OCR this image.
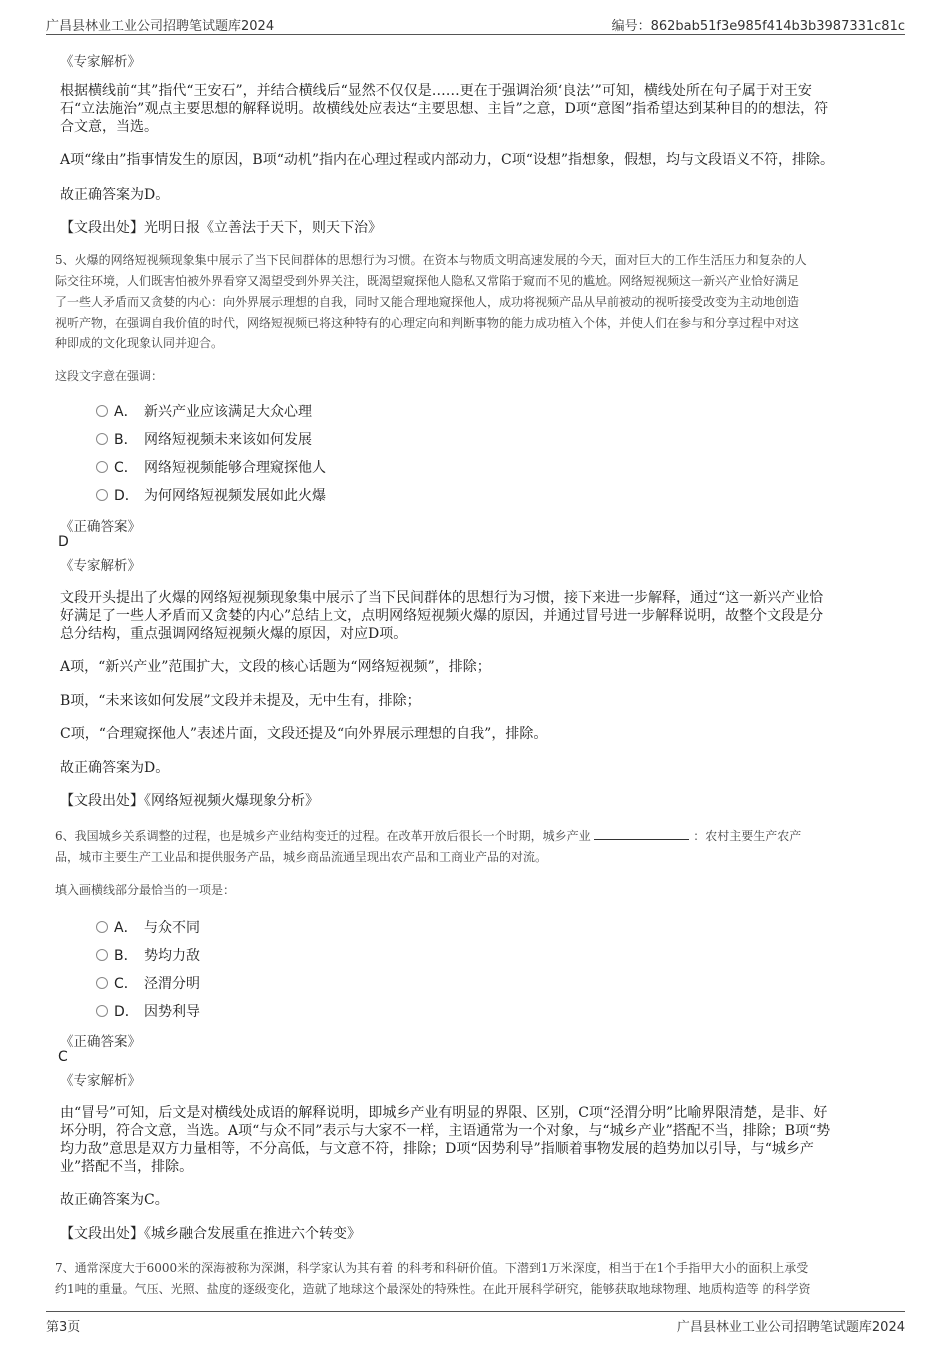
广昌县林业工业公司招聘笔试题库2024	编号：862bab51f3e985f414b3b3987331c81c
《专家解析》
根据横线前“其”指代“王安石”，并结合横线后“显然不仅仅是……更在于强调治须‘良法’”可知，横线处所在句子属于对王安
石“立法施治”观点主要思想的解释说明。故横线处应表达“主要思想、主旨”之意，D项“意图”指希望达到某种目的的想法，符
合文意，当选。
A项“缘由”指事情发生的原因，B项“动机”指内在心理过程或内部动力，C项“设想”指想象，假想，均与文段语义不符，排除。
故正确答案为D。
【文段出处】光明日报《立善法于天下，则天下治》
5、火爆的网络短视频现象集中展示了当下民间群体的思想行为习惯。在资本与物质文明高速发展的今天，面对巨大的工作生活压力和复杂的人
际交往环境，人们既害怕被外界看穿又渴望受到外界关注，既渴望窥探他人隐私又常陷于窥而不见的尴尬。网络短视频这一新兴产业恰好满足
了一些人矛盾而又贪婪的内心：向外界展示理想的自我，同时又能合理地窥探他人，成功将视频产品从早前被动的视听接受改变为主动地创造
视听产物，在强调自我价值的时代，网络短视频已将这种特有的心理定向和判断事物的能力成功植入个体，并使人们在参与和分享过程中对这
种即成的文化现象认同并迎合。
这段文字意在强调：
A． 新兴产业应该满足大众心理
B． 网络短视频未来该如何发展
C． 网络短视频能够合理窥探他人
D． 为何网络短视频发展如此火爆
《正确答案》
D
《专家解析》
文段开头提出了火爆的网络短视频现象集中展示了当下民间群体的思想行为习惯，接下来进一步解释，通过“这一新兴产业恰
好满足了一些人矛盾而又贪婪的内心”总结上文，点明网络短视频火爆的原因，并通过冒号进一步解释说明，故整个文段是分
总分结构，重点强调网络短视频火爆的原因，对应D项。
A项，“新兴产业”范围扩大，文段的核心话题为“网络短视频”，排除；
B项，“未来该如何发展”文段并未提及，无中生有，排除；
C项，“合理窥探他人”表述片面，文段还提及“向外界展示理想的自我”，排除。
故正确答案为D。
【文段出处】《网络短视频火爆现象分析》
6、我国城乡关系调整的过程，也是城乡产业结构变迁的过程。在改革开放后很长一个时期，城乡产业	：农村主要生产农产
品，城市主要生产工业品和提供服务产品，城乡商品流通呈现出农产品和工商业产品的对流。
填入画横线部分最恰当的一项是：
A． 与众不同
B． 势均力敌
C． 泾渭分明
D． 因势利导
《正确答案》
C
《专家解析》
由“冒号”可知，后文是对横线处成语的解释说明，即城乡产业有明显的界限、区别，C项“泾渭分明”比喻界限清楚，是非、好
坏分明，符合文意，当选。A项“与众不同”表示与大家不一样，主语通常为一个对象，与“城乡产业”搭配不当，排除；B项“势
均力敌”意思是双方力量相等，不分高低，与文意不符，排除；D项“因势利导”指顺着事物发展的趋势加以引导，与“城乡产
业”搭配不当，排除。
故正确答案为C。
【文段出处】《城乡融合发展重在推进六个转变》
7、通常深度大于6000米的深海被称为深渊，科学家认为其有着 的科考和科研价值。下潜到1万米深度，相当于在1个手指甲大小的面积上承受
约1吨的重量。气压、光照、盐度的逐级变化，造就了地球这个最深处的特殊性。在此开展科学研究，能够获取地球物理、地质构造等 的科学资
第3页	广昌县林业工业公司招聘笔试题库2024
